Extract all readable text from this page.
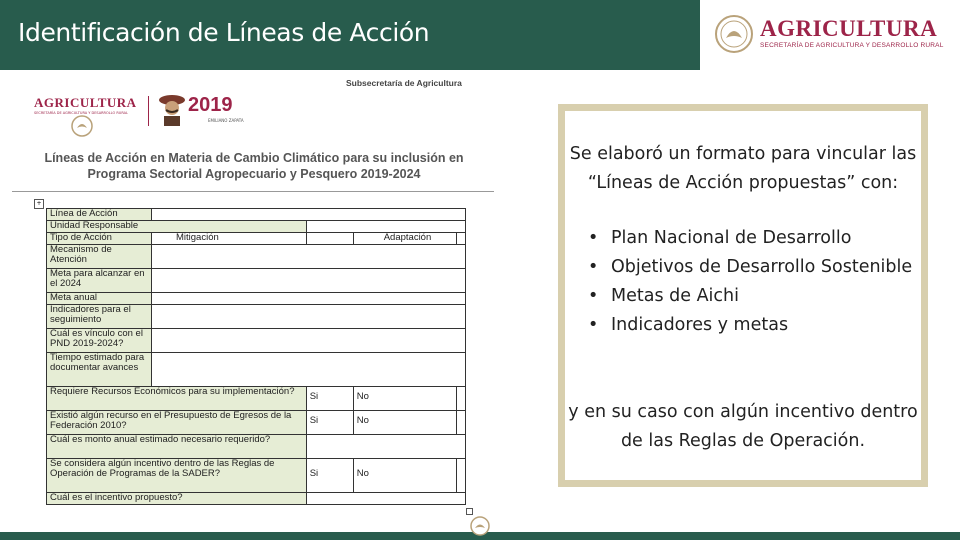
Identificación de Líneas de Acción	AGRICULTURA
SECRETARÍA DE AGRICULTURA Y DESARROLLO RURAL
Subsecretaría de Agricultura
AGRICULTURA
SECRETARÍA DE AGRICULTURA Y DESARROLLO RURAL	2019
EMILIANO ZAPATA
Líneas de Acción en Materia de Cambio Climático para su inclusión en
Programa Sectorial Agropecuario y Pesquero 2019-2024
+
Línea de Acción				
Unidad Responsable				
Tipo de Acción	Mitigación		Adaptación	
Mecanismo de Atención				
Meta para alcanzar en el 2024				
Meta anual				
Indicadores para el seguimiento				
Cuál es vínculo con el PND 2019-2024?				
Tiempo estimado para documentar avances				
Requiere Recursos Económicos para su implementación?		Si	No	
Existió algún recurso en el Presupuesto de Egresos de la Federación 2010?		Si	No	
Cuál es monto anual estimado necesario requerido?				
Se considera algún incentivo dentro de las Reglas de Operación de Programas de la SADER?		Si	No	
Cuál es el incentivo propuesto?				
Se elaboró un formato para vincular las “Líneas de Acción propuestas” con:
• Plan Nacional de Desarrollo
• Objetivos de Desarrollo Sostenible
• Metas de Aichi
• Indicadores y metas
y en su caso con algún incentivo dentro de las Reglas de Operación.
